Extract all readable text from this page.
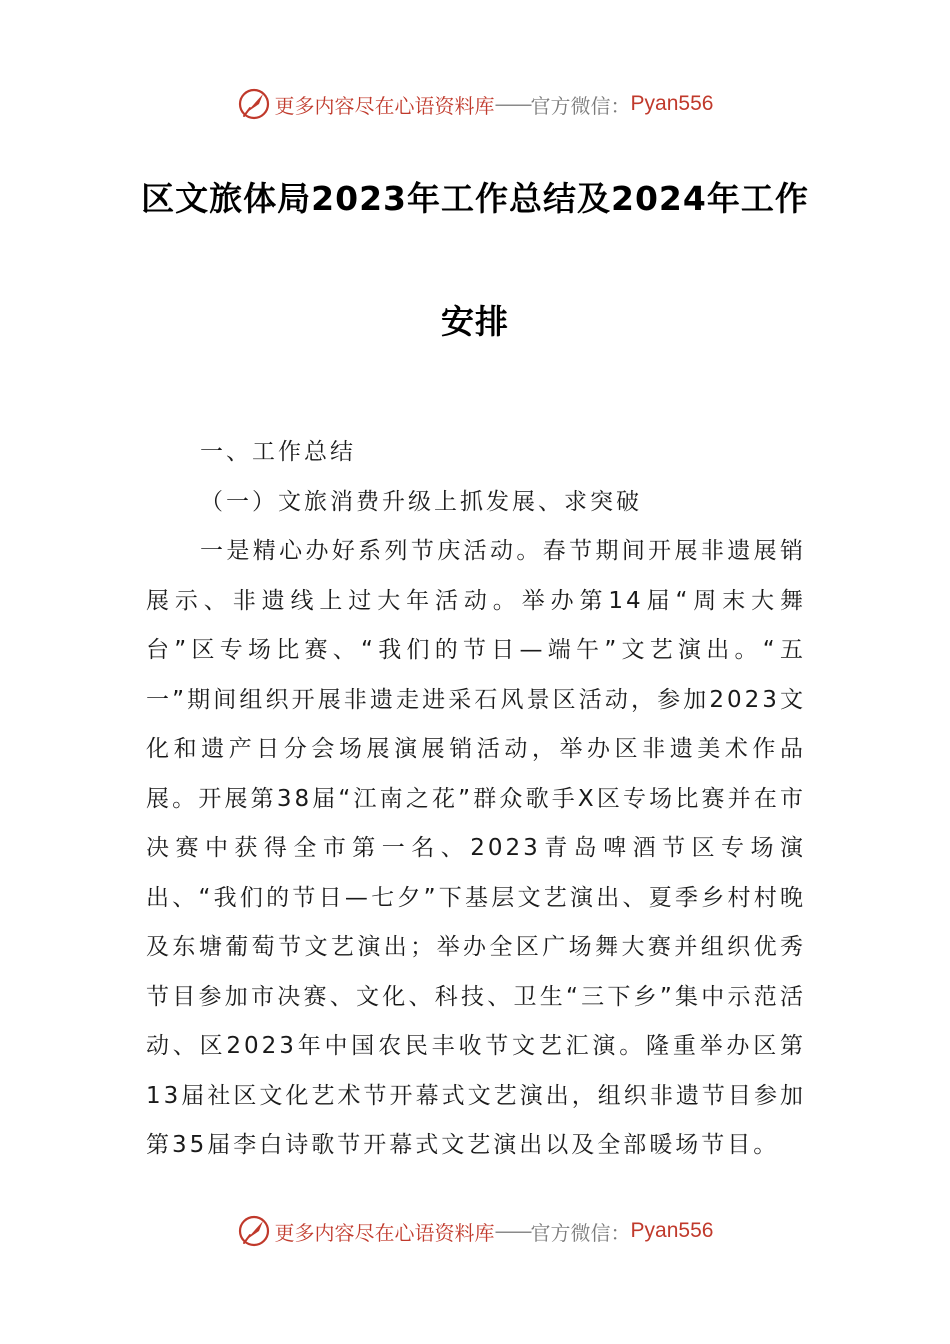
更多内容尽在心语资料库 —— 官方微信： Pyan556
区文旅体局2023年工作总结及2024年工作
安排

一、工作总结

（一）文旅消费升级上抓发展、求突破

一是精心办好系列节庆活动。春节期间开展非遗展销展示、非遗线上过大年活动。举办第14届“周末大舞台”区专场比赛、“我们的节日—端午”文艺演出。“五一”期间组织开展非遗走进采石风景区活动，参加2023文化和遗产日分会场展演展销活动，举办区非遗美术作品展。开展第38届“江南之花”群众歌手X区专场比赛并在市决赛中获得全市第一名、2023青岛啤酒节区专场演出、“我们的节日—七夕”下基层文艺演出、夏季乡村村晚及东塘葡萄节文艺演出；举办全区广场舞大赛并组织优秀节目参加市决赛、文化、科技、卫生“三下乡”集中示范活动、区2023年中国农民丰收节文艺汇演。隆重举办区第13届社区文化艺术节开幕式文艺演出，组织非遗节目参加第35届李白诗歌节开幕式文艺演出以及全部暖场节目。

更多内容尽在心语资料库 —— 官方微信： Pyan556
